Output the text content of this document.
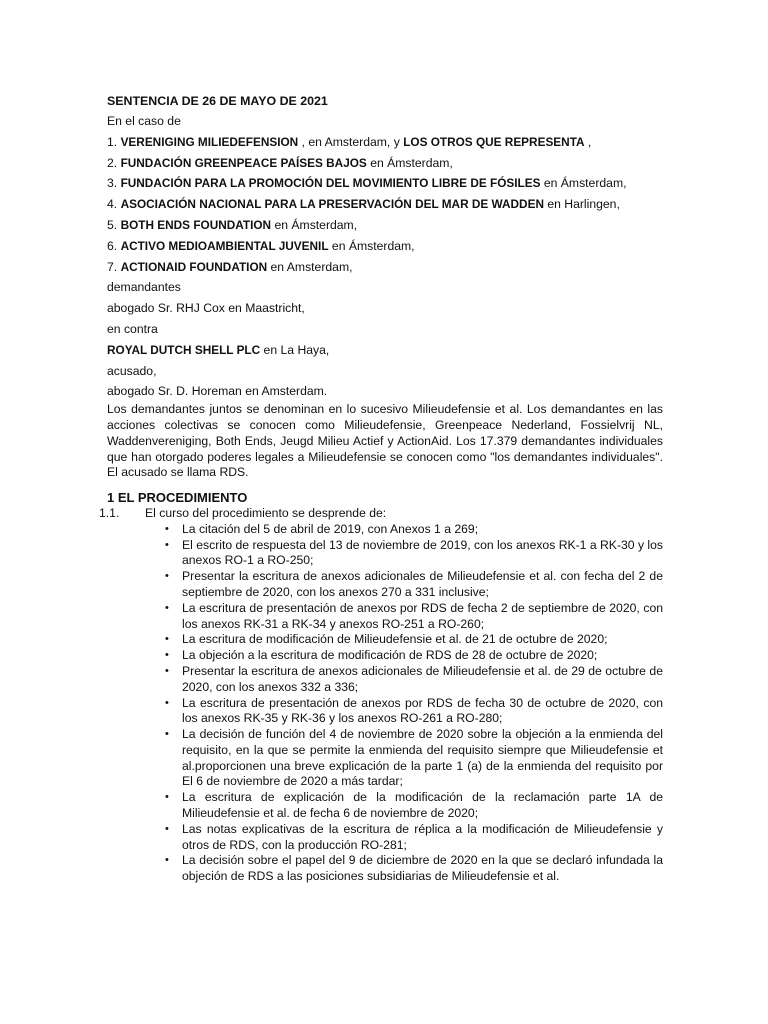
SENTENCIA DE 26 DE MAYO DE 2021
En el caso de
1. VERENIGING MILIEDEFENSION , en Amsterdam, y LOS OTROS QUE REPRESENTA ,
2. FUNDACIÓN GREENPEACE PAÍSES BAJOS en Ámsterdam,
3. FUNDACIÓN PARA LA PROMOCIÓN DEL MOVIMIENTO LIBRE DE FÓSILES en Ámsterdam,
4. ASOCIACIÓN NACIONAL PARA LA PRESERVACIÓN DEL MAR DE WADDEN en Harlingen,
5. BOTH ENDS FOUNDATION en Ámsterdam,
6. ACTIVO MEDIOAMBIENTAL JUVENIL en Ámsterdam,
7. ACTIONAID FOUNDATION en Amsterdam,
demandantes
abogado Sr. RHJ Cox en Maastricht,
en contra
ROYAL DUTCH SHELL PLC en La Haya,
acusado,
abogado Sr. D. Horeman en Amsterdam.
Los demandantes juntos se denominan en lo sucesivo Milieudefensie et al. Los demandantes en las acciones colectivas se conocen como Milieudefensie, Greenpeace Nederland, Fossielvrij NL, Waddenvereniging, Both Ends, Jeugd Milieu Actief y ActionAid. Los 17.379 demandantes individuales que han otorgado poderes legales a Milieudefensie se conocen como "los demandantes individuales". El acusado se llama RDS.
1 EL PROCEDIMIENTO
1.1.	El curso del procedimiento se desprende de:
• La citación del 5 de abril de 2019, con Anexos 1 a 269;
• El escrito de respuesta del 13 de noviembre de 2019, con los anexos RK-1 a RK-30 y los anexos RO-1 a RO-250;
• Presentar la escritura de anexos adicionales de Milieudefensie et al. con fecha del 2 de septiembre de 2020, con los anexos 270 a 331 inclusive;
• La escritura de presentación de anexos por RDS de fecha 2 de septiembre de 2020, con los anexos RK-31 a RK-34 y anexos RO-251 a RO-260;
• La escritura de modificación de Milieudefensie et al. de 21 de octubre de 2020;
• La objeción a la escritura de modificación de RDS de 28 de octubre de 2020;
• Presentar la escritura de anexos adicionales de Milieudefensie et al. de 29 de octubre de 2020, con los anexos 332 a 336;
• La escritura de presentación de anexos por RDS de fecha 30 de octubre de 2020, con los anexos RK-35 y RK-36 y los anexos RO-261 a RO-280;
• La decisión de función del 4 de noviembre de 2020 sobre la objeción a la enmienda del requisito, en la que se permite la enmienda del requisito siempre que Milieudefensie et al.proporcionen una breve explicación de la parte 1 (a) de la enmienda del requisito por El 6 de noviembre de 2020 a más tardar;
• La escritura de explicación de la modificación de la reclamación parte 1A de Milieudefensie et al. de fecha 6 de noviembre de 2020;
• Las notas explicativas de la escritura de réplica a la modificación de Milieudefensie y otros de RDS, con la producción RO-281;
• La decisión sobre el papel del 9 de diciembre de 2020 en la que se declaró infundada la objeción de RDS a las posiciones subsidiarias de Milieudefensie et al.
